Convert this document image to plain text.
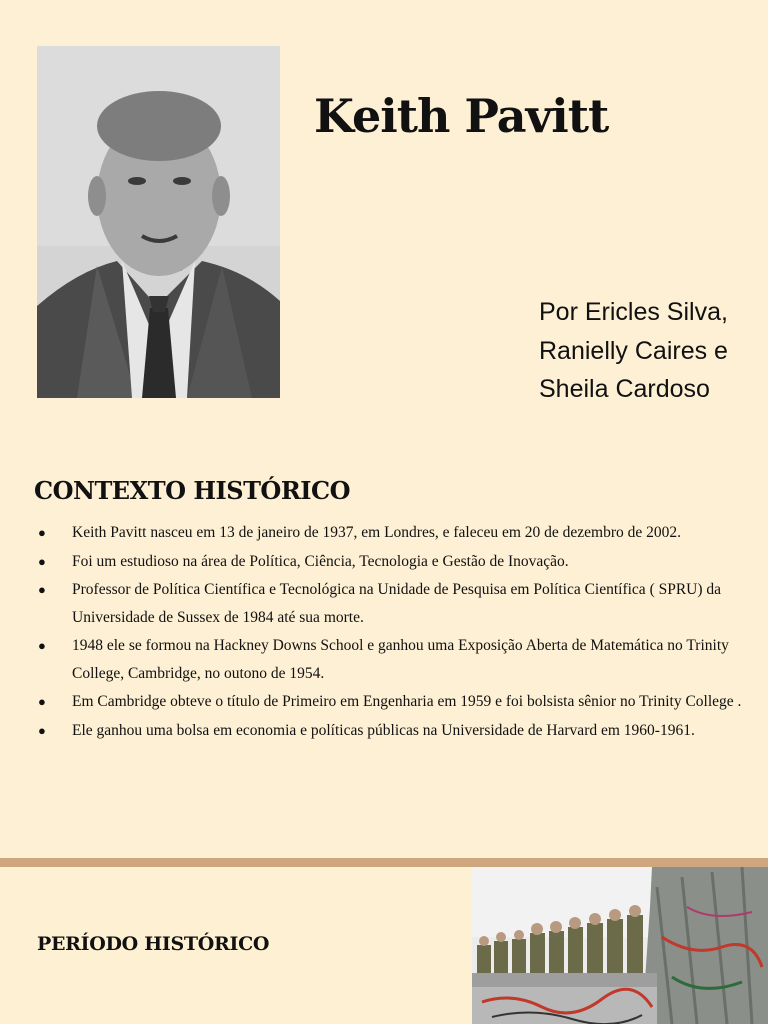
Keith Pavitt
Por Ericles Silva,
Ranielly Caires e
Sheila Cardoso
CONTEXTO HISTÓRICO
● Keith Pavitt nasceu em 13 de janeiro de 1937, em Londres, e faleceu em 20 de dezembro de 2002.
● Foi um estudioso na área de Política, Ciência, Tecnologia e Gestão de Inovação.
● Professor de Política Científica e Tecnológica na Unidade de Pesquisa em Política Científica ( SPRU) da Universidade de Sussex de 1984 até sua morte.
● 1948 ele se formou na Hackney Downs School e ganhou uma Exposição Aberta de Matemática no Trinity College, Cambridge, no outono de 1954.
● Em Cambridge obteve o título de Primeiro em Engenharia em 1959 e foi bolsista sênior no Trinity College .
● Ele ganhou uma bolsa em economia e políticas públicas na Universidade de Harvard em 1960-1961.
PERÍODO HISTÓRICO
